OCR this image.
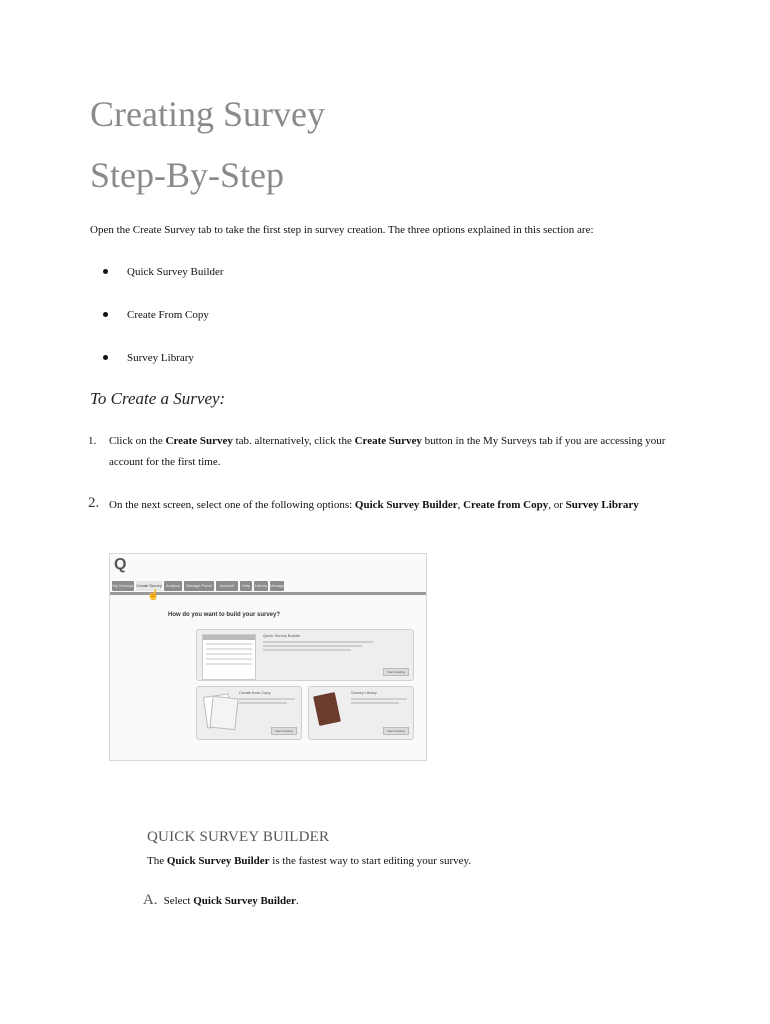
Creating Survey
Step-By-Step
Open the Create Survey tab to take the first step in survey creation. The three options explained in this section are:
Quick Survey Builder
Create From Copy
Survey Library
To Create a Survey:
1. Click on the Create Survey tab. alternatively, click the Create Survey button in the My Surveys tab if you are accessing your account for the first time.
2. On the next screen, select one of the following options: Quick Survey Builder, Create from Copy, or Survey Library
Q
My Surveys Create Survey	Analyze	Manage Panel	Account	Help	Library Manage
☝
How do you want to build your survey?
Quick Survey Builder
Start building
Create from Copy
Start building
Survey Library
Start building
QUICK SURVEY BUILDER
The Quick Survey Builder is the fastest way to start editing your survey.
A. Select Quick Survey Builder.
